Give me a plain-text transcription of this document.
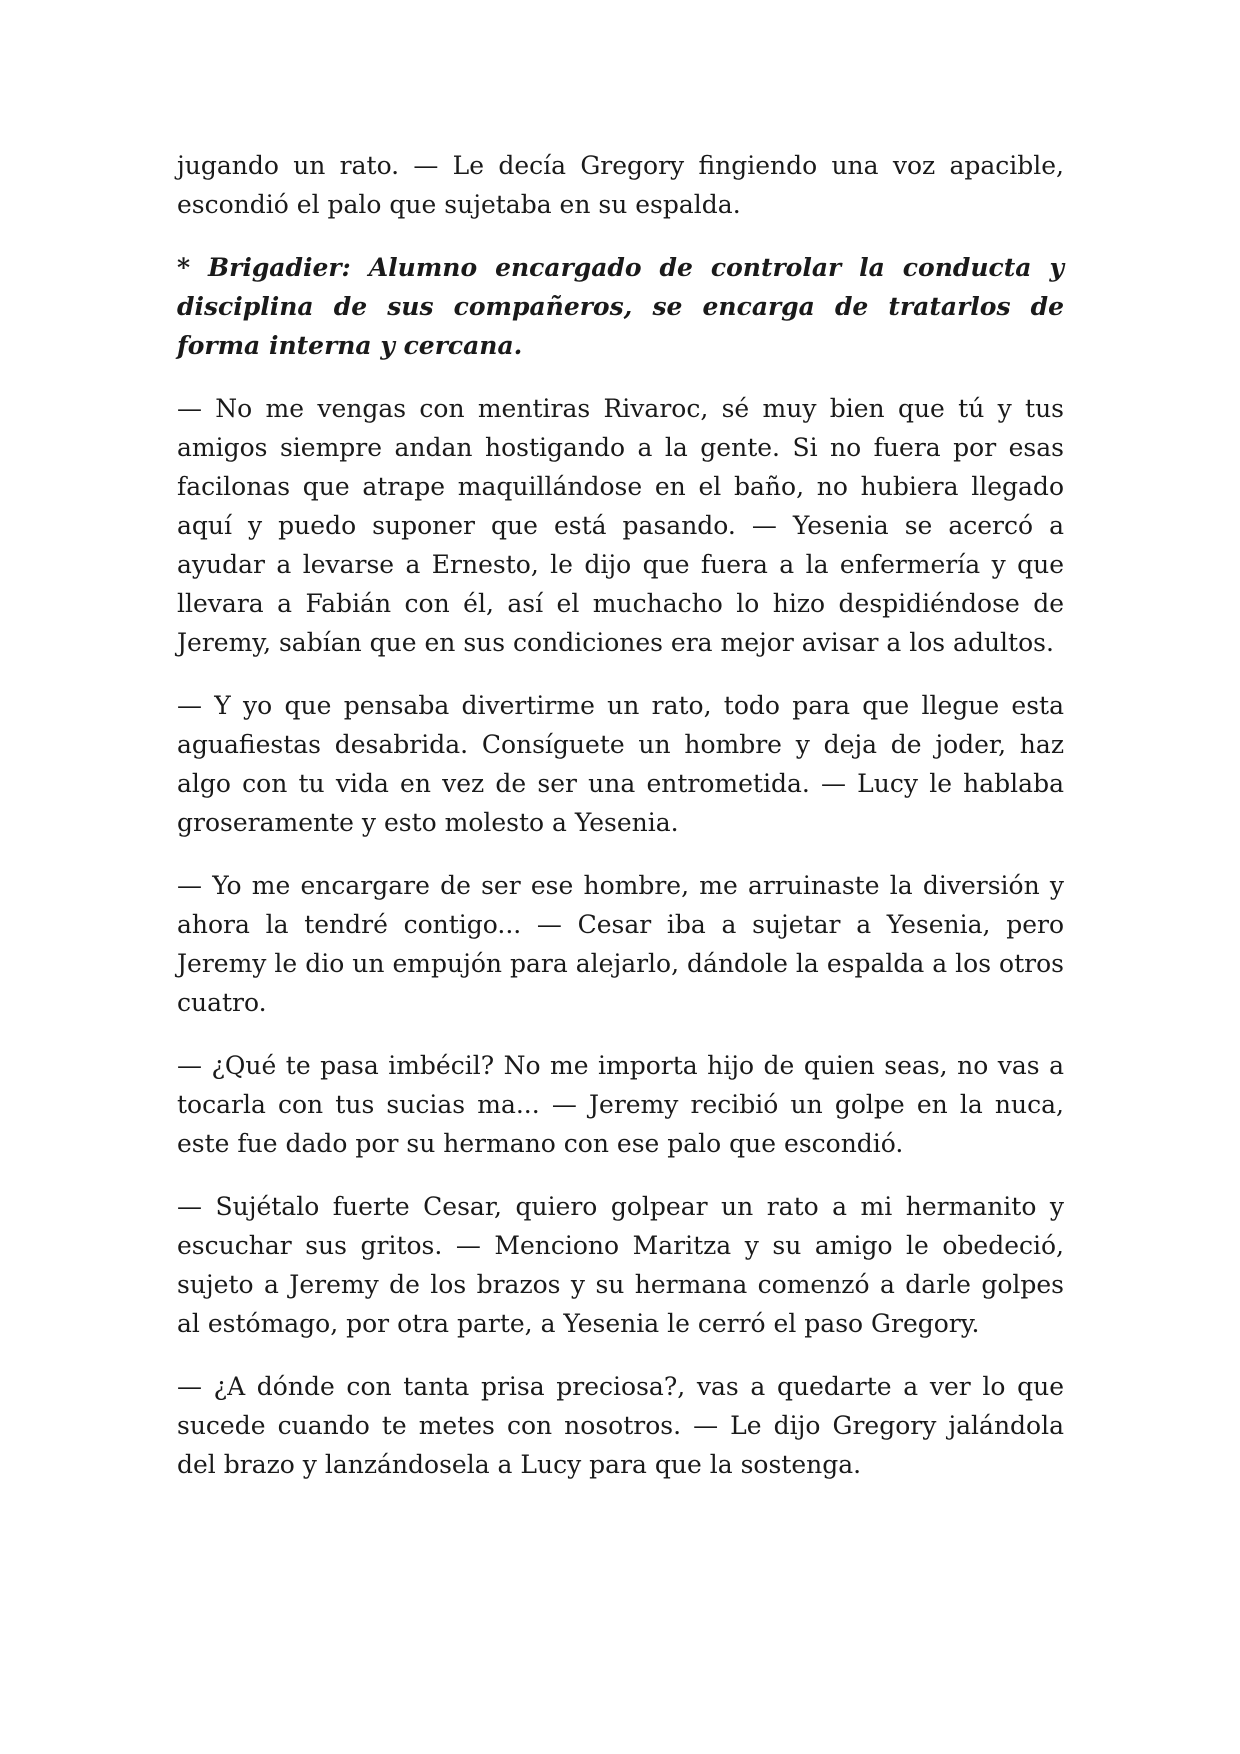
jugando un rato. — Le decía Gregory fingiendo una voz apacible, escondió el palo que sujetaba en su espalda.

* Brigadier: Alumno encargado de controlar la conducta y disciplina de sus compañeros, se encarga de tratarlos de forma interna y cercana.

— No me vengas con mentiras Rivaroc, sé muy bien que tú y tus amigos siempre andan hostigando a la gente. Si no fuera por esas facilonas que atrape maquillándose en el baño, no hubiera llegado aquí y puedo suponer que está pasando. — Yesenia se acercó a ayudar a levarse a Ernesto, le dijo que fuera a la enfermería y que llevara a Fabián con él, así el muchacho lo hizo despidiéndose de Jeremy, sabían que en sus condiciones era mejor avisar a los adultos.

— Y yo que pensaba divertirme un rato, todo para que llegue esta aguafiestas desabrida. Consíguete un hombre y deja de joder, haz algo con tu vida en vez de ser una entrometida. — Lucy le hablaba groseramente y esto molesto a Yesenia.

— Yo me encargare de ser ese hombre, me arruinaste la diversión y ahora la tendré contigo... — Cesar iba a sujetar a Yesenia, pero Jeremy le dio un empujón para alejarlo, dándole la espalda a los otros cuatro.

— ¿Qué te pasa imbécil? No me importa hijo de quien seas, no vas a tocarla con tus sucias ma... — Jeremy recibió un golpe en la nuca, este fue dado por su hermano con ese palo que escondió.

— Sujétalo fuerte Cesar, quiero golpear un rato a mi hermanito y escuchar sus gritos. — Menciono Maritza y su amigo le obedeció, sujeto a Jeremy de los brazos y su hermana comenzó a darle golpes al estómago, por otra parte, a Yesenia le cerró el paso Gregory.

— ¿A dónde con tanta prisa preciosa?, vas a quedarte a ver lo que sucede cuando te metes con nosotros. — Le dijo Gregory jalándola del brazo y lanzándosela a Lucy para que la sostenga.
